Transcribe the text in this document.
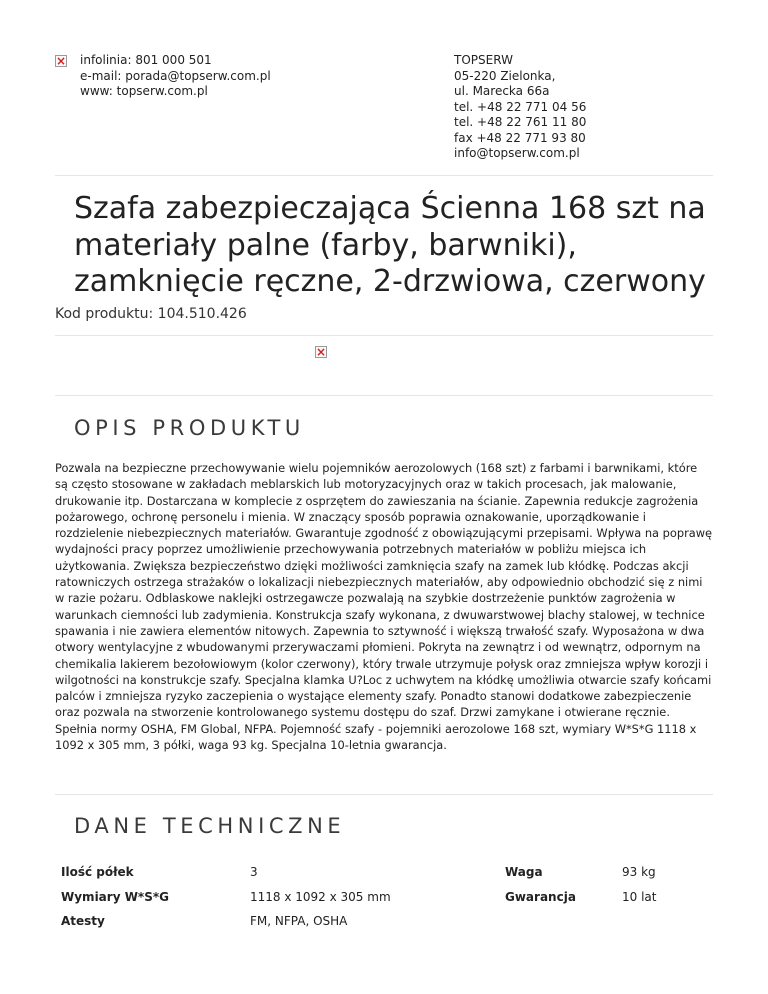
×
infolinia: 801 000 501
e-mail: porada@topserw.com.pl
www: topserw.com.pl
TOPSERW
05-220 Zielonka,
ul. Marecka 66a
tel. +48 22 771 04 56
tel. +48 22 761 11 80
fax +48 22 771 93 80
info@topserw.com.pl
Szafa zabezpieczająca Ścienna 168 szt na materiały palne (farby, barwniki), zamknięcie ręczne, 2-drzwiowa, czerwony
Kod produktu: 104.510.426
×
OPIS PRODUKTU

Pozwala na bezpieczne przechowywanie wielu pojemników aerozolowych (168 szt) z farbami i barwnikami, które są często stosowane w zakładach meblarskich lub motoryzacyjnych oraz w takich procesach, jak malowanie, drukowanie itp. Dostarczana w komplecie z osprzętem do zawieszania na ścianie. Zapewnia redukcje zagrożenia pożarowego, ochronę personelu i mienia. W znaczący sposób poprawia oznakowanie, uporządkowanie i rozdzielenie niebezpiecznych materiałów. Gwarantuje zgodność z obowiązującymi przepisami. Wpływa na poprawę wydajności pracy poprzez umożliwienie przechowywania potrzebnych materiałów w pobliżu miejsca ich użytkowania. Zwiększa bezpieczeństwo dzięki możliwości zamknięcia szafy na zamek lub kłódkę. Podczas akcji ratowniczych ostrzega strażaków o lokalizacji niebezpiecznych materiałów, aby odpowiednio obchodzić się z nimi w razie pożaru. Odblaskowe naklejki ostrzegawcze pozwalają na szybkie dostrzeżenie punktów zagrożenia w warunkach ciemności lub zadymienia. Konstrukcja szafy wykonana, z dwuwarstwowej blachy stalowej, w technice spawania i nie zawiera elementów nitowych. Zapewnia to sztywność i większą trwałość szafy. Wyposażona w dwa otwory wentylacyjne z wbudowanymi przerywaczami płomieni. Pokryta na zewnątrz i od wewnątrz, odpornym na chemikalia lakierem bezołowiowym (kolor czerwony), który trwale utrzymuje połysk oraz zmniejsza wpływ korozji i wilgotności na konstrukcje szafy. Specjalna klamka U?Loc z uchwytem na kłódkę umożliwia otwarcie szafy końcami palców i zmniejsza ryzyko zaczepienia o wystające elementy szafy. Ponadto stanowi dodatkowe zabezpieczenie oraz pozwala na stworzenie kontrolowanego systemu dostępu do szaf. Drzwi zamykane i otwierane ręcznie. Spełnia normy OSHA, FM Global, NFPA. Pojemność szafy - pojemniki aerozolowe 168 szt, wymiary W*S*G 1118 x 1092 x 305 mm, 3 półki, waga 93 kg. Specjalna 10-letnia gwarancja.

DANE TECHNICZNE
Ilość półek	3	Waga	93 kg
Wymiary W*S*G	1118 x 1092 x 305 mm	Gwarancja	10 lat
Atesty	FM, NFPA, OSHA
